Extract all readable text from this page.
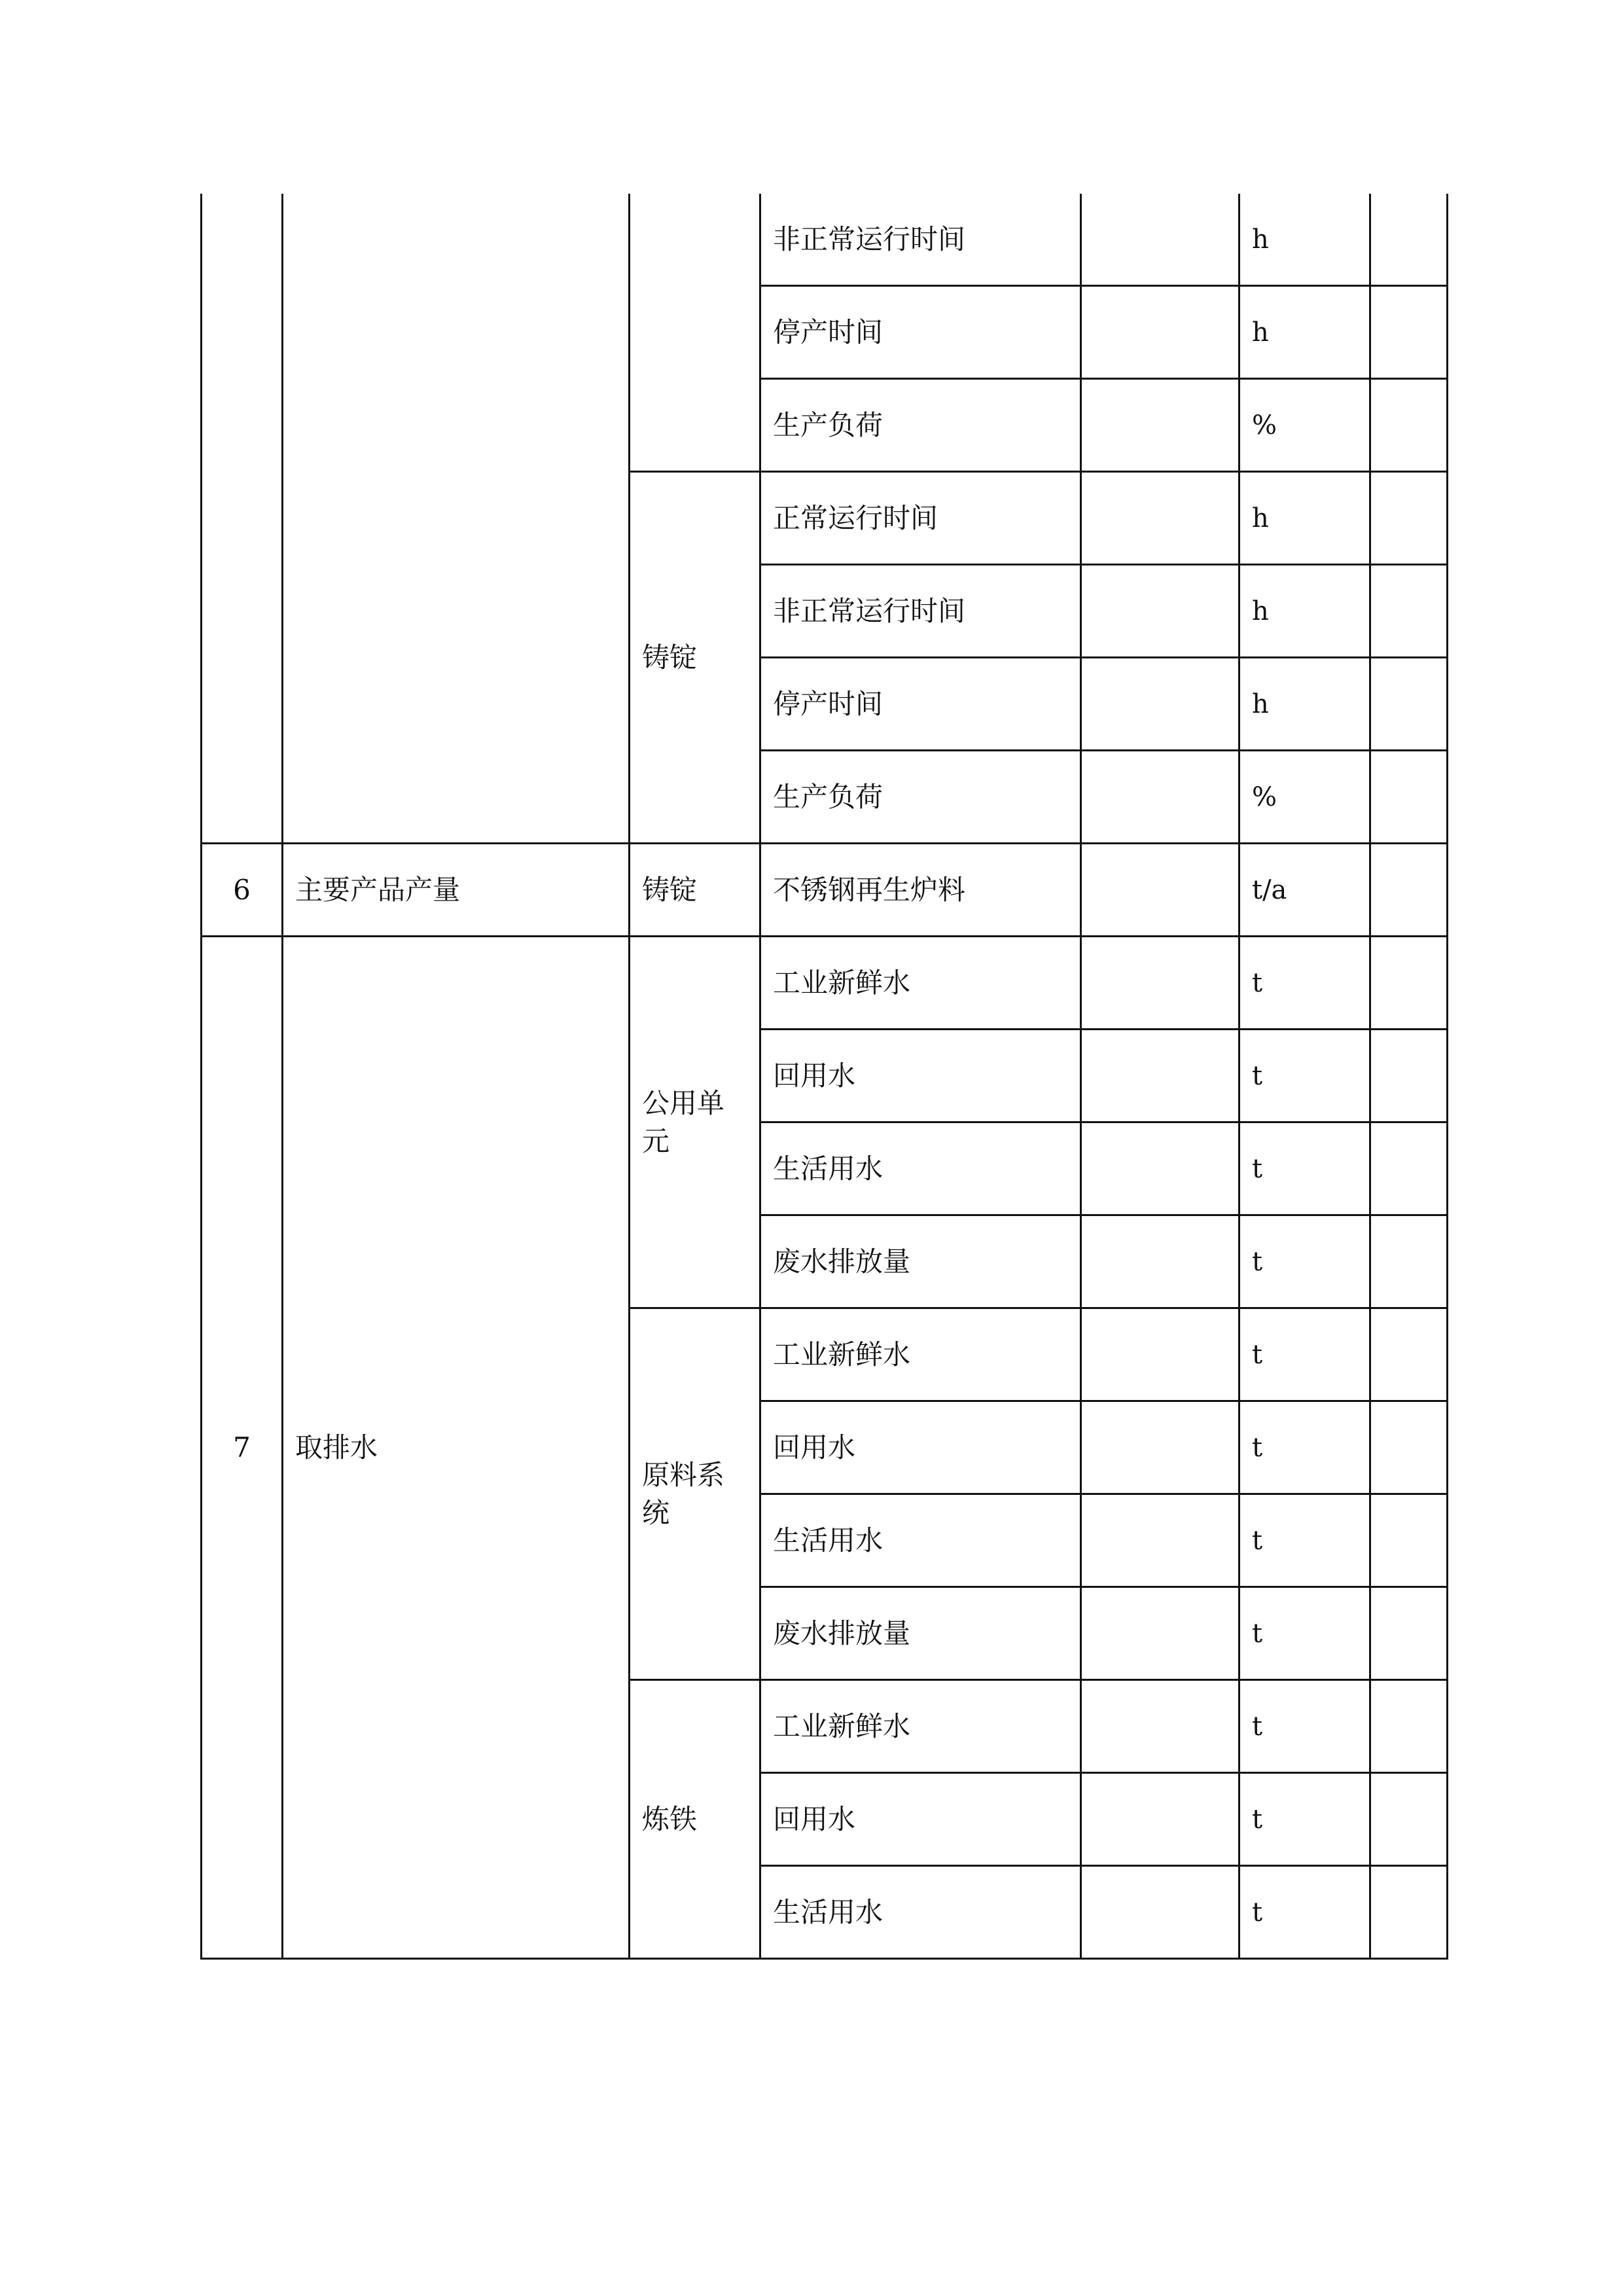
			非正常运行时间		h	
			停产时间		h	
			生产负荷		%	
		铸锭	正常运行时间		h	
			非正常运行时间		h	
			停产时间		h	
			生产负荷		%	
6	主要产品产量	铸锭	不锈钢再生炉料		t/a	
7	取排水	公用单元	工业新鲜水		t	
			回用水		t	
			生活用水		t	
			废水排放量		t	
		原料系统	工业新鲜水		t	
			回用水		t	
			生活用水		t	
			废水排放量		t	
		炼铁	工业新鲜水		t	
			回用水		t	
			生活用水		t	
